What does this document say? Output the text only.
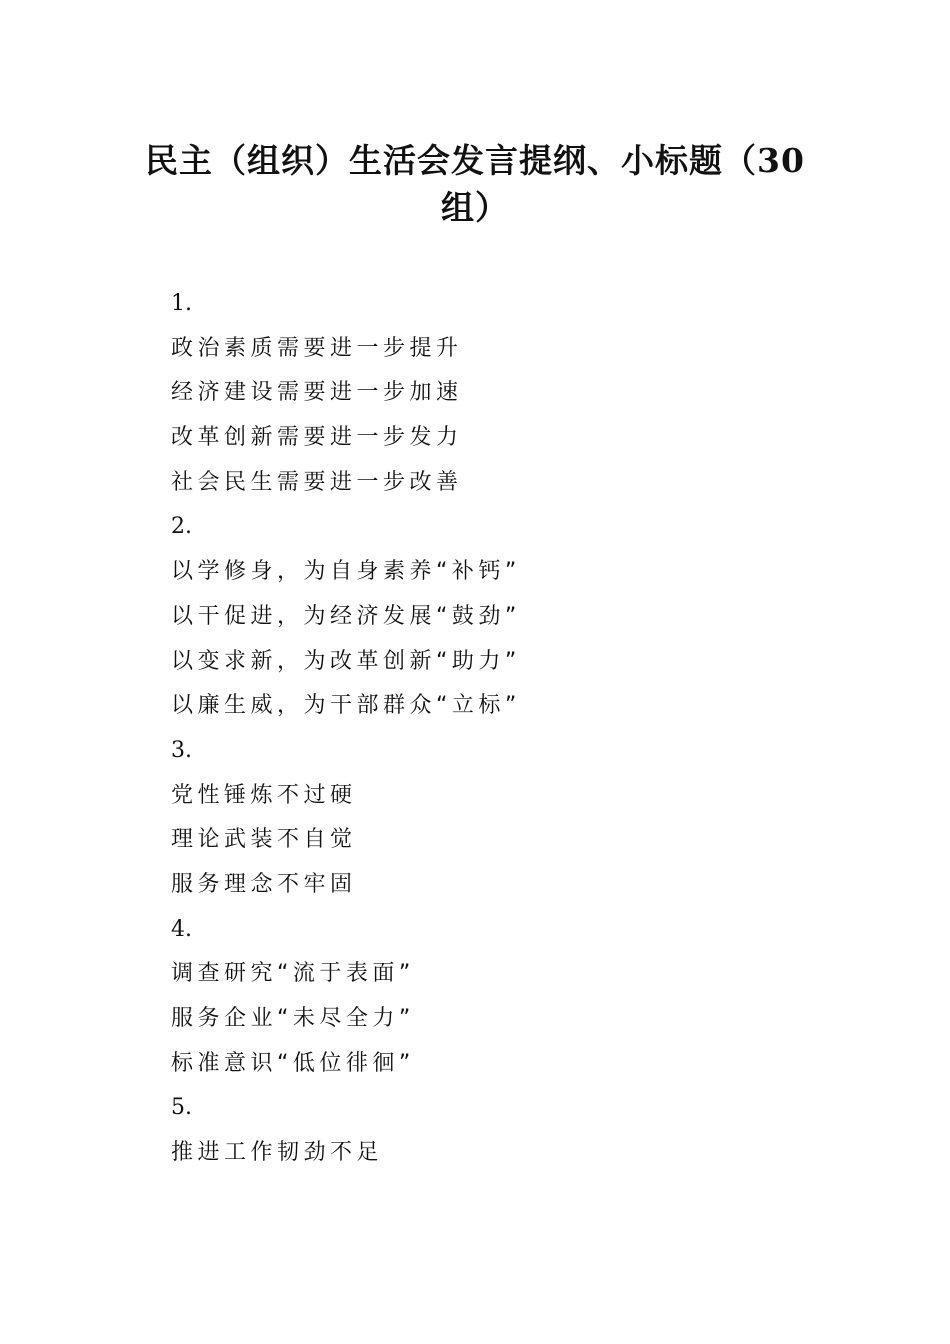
民主（组织）生活会发言提纲、小标题（30组）
1.
政治素质需要进一步提升
经济建设需要进一步加速
改革创新需要进一步发力
社会民生需要进一步改善
2.
以学修身，为自身素养“补钙”
以干促进，为经济发展“鼓劲”
以变求新，为改革创新“助力”
以廉生威，为干部群众“立标”
3.
党性锤炼不过硬
理论武装不自觉
服务理念不牢固
4.
调查研究“流于表面”
服务企业“未尽全力”
标准意识“低位徘徊”
5.
推进工作韧劲不足
